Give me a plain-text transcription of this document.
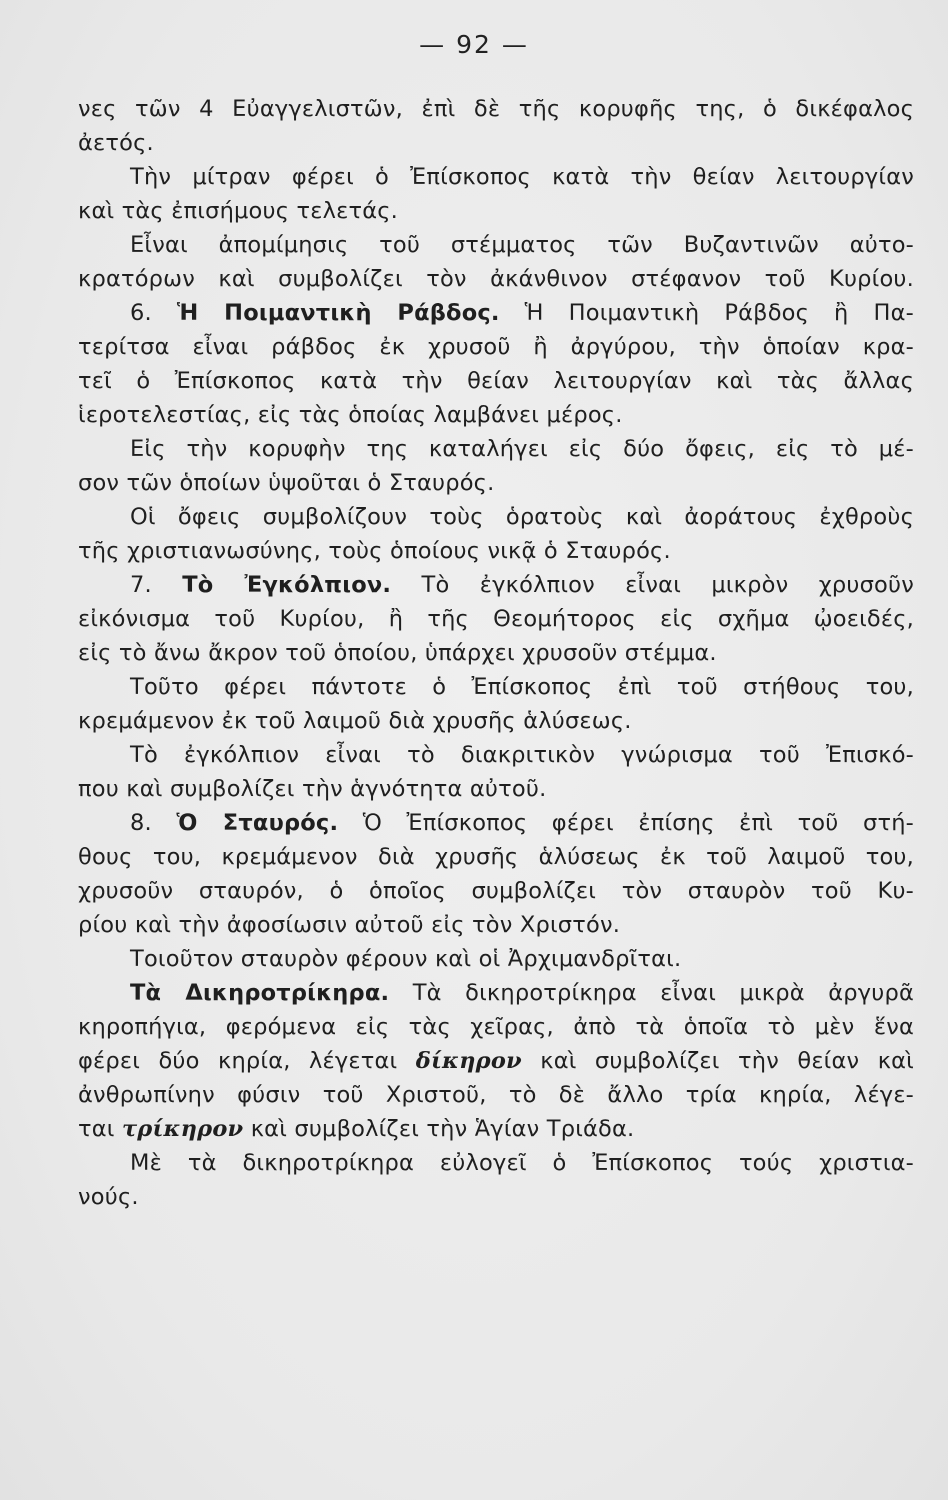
— 92 —
νες τῶν 4 Εὐαγγελιστῶν, ἐπὶ δὲ τῆς κορυφῆς της, ὁ δικέφαλος
ἀετός.
Τὴν μίτραν φέρει ὁ Ἐπίσκοπος κατὰ τὴν θείαν λειτουργίαν
καὶ τὰς ἐπισήμους τελετάς.
Εἶναι ἀπομίμησις τοῦ στέμματος τῶν Βυζαντινῶν αὐτο-
κρατόρων καὶ συμβολίζει τὸν ἀκάνθινον στέφανον τοῦ Κυρίου.
6. Ἡ Ποιμαντικὴ Ράβδος. Ἡ Ποιμαντικὴ Ράβδος ἢ Πα-
τερίτσα εἶναι ράβδος ἐκ χρυσοῦ ἢ ἀργύρου, τὴν ὁποίαν κρα-
τεῖ ὁ Ἐπίσκοπος κατὰ τὴν θείαν λειτουργίαν καὶ τὰς ἄλλας
ἱεροτελεστίας, εἰς τὰς ὁποίας λαμβάνει μέρος.
Εἰς τὴν κορυφὴν της καταλήγει εἰς δύο ὄφεις, εἰς τὸ μέ-
σον τῶν ὁποίων ὑψοῦται ὁ Σταυρός.
Οἱ ὄφεις συμβολίζουν τοὺς ὁρατοὺς καὶ ἀοράτους ἐχθροὺς
τῆς χριστιανωσύνης, τοὺς ὁποίους νικᾷ ὁ Σταυρός.
7. Τὸ Ἐγκόλπιον. Τὸ ἐγκόλπιον εἶναι μικρὸν χρυσοῦν
εἰκόνισμα τοῦ Κυρίου, ἢ τῆς Θεομήτορος εἰς σχῆμα ᾠοειδές,
εἰς τὸ ἄνω ἄκρον τοῦ ὁποίου, ὑπάρχει χρυσοῦν στέμμα.
Τοῦτο φέρει πάντοτε ὁ Ἐπίσκοπος ἐπὶ τοῦ στήθους του,
κρεμάμενον ἐκ τοῦ λαιμοῦ διὰ χρυσῆς ἁλύσεως.
Τὸ ἐγκόλπιον εἶναι τὸ διακριτικὸν γνώρισμα τοῦ Ἐπισκό-
που καὶ συμβολίζει τὴν ἁγνότητα αὐτοῦ.
8. Ὁ Σταυρός. Ὁ Ἐπίσκοπος φέρει ἐπίσης ἐπὶ τοῦ στή-
θους του, κρεμάμενον διὰ χρυσῆς ἁλύσεως ἐκ τοῦ λαιμοῦ του,
χρυσοῦν σταυρόν, ὁ ὁποῖος συμβολίζει τὸν σταυρὸν τοῦ Κυ-
ρίου καὶ τὴν ἀφοσίωσιν αὐτοῦ εἰς τὸν Χριστόν.
Τοιοῦτον σταυρὸν φέρουν καὶ οἱ Ἀρχιμανδρῖται.
Τὰ Δικηροτρίκηρα. Τὰ δικηροτρίκηρα εἶναι μικρὰ ἀργυρᾶ
κηροπήγια, φερόμενα εἰς τὰς χεῖρας, ἀπὸ τὰ ὁποῖα τὸ μὲν ἕνα
φέρει δύο κηρία, λέγεται δίκηρον καὶ συμβολίζει τὴν θείαν καὶ
ἀνθρωπίνην φύσιν τοῦ Χριστοῦ, τὸ δὲ ἄλλο τρία κηρία, λέγε-
ται τρίκηρον καὶ συμβολίζει τὴν Ἁγίαν Τριάδα.
Μὲ τὰ δικηροτρίκηρα εὐλογεῖ ὁ Ἐπίσκοπος τούς χριστια-
νούς.
